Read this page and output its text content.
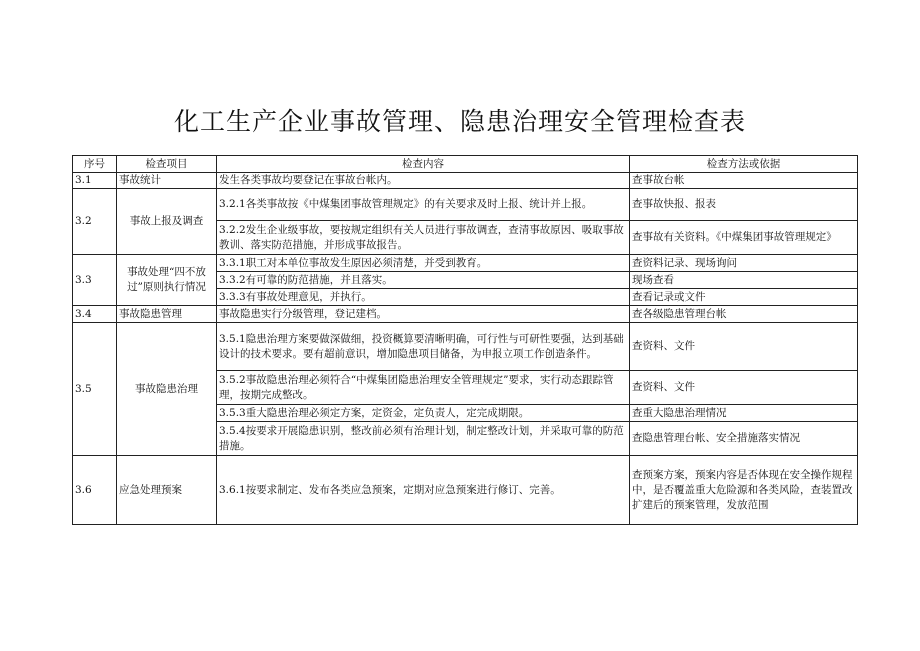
化工生产企业事故管理、隐患治理安全管理检查表
序号	检查项目	检查内容	检查方法或依据
3.1	事故统计	发生各类事故均要登记在事故台帐内。	查事故台帐
3.2	事故上报及调查	3.2.1各类事故按《中煤集团事故管理规定》的有关要求及时上报、统计并上报。	查事故快报、报表
		3.2.2发生企业级事故，要按规定组织有关人员进行事故调查，查清事故原因、吸取事故教训、落实防范措施，并形成事故报告。	查事故有关资料。《中煤集团事故管理规定》
3.3	事故处理“四不放过”原则执行情况	3.3.1职工对本单位事故发生原因必须清楚，并受到教育。	查资料记录、现场询问
		3.3.2有可靠的防范措施，并且落实。	现场查看
		3.3.3有事故处理意见，并执行。	查看记录或文件
3.4	事故隐患管理	事故隐患实行分级管理，登记建档。	查各级隐患管理台帐
3.5	事故隐患治理	3.5.1隐患治理方案要做深做细，投资概算要清晰明确，可行性与可研性要强，达到基础设计的技术要求。要有超前意识，增加隐患项目储备，为申报立项工作创造条件。	查资料、文件
		3.5.2事故隐患治理必须符合“中煤集团隐患治理安全管理规定”要求，实行动态跟踪管理，按期完成整改。	查资料、文件
		3.5.3重大隐患治理必须定方案，定资金，定负责人，定完成期限。	查重大隐患治理情况
		3.5.4按要求开展隐患识别，整改前必须有治理计划，制定整改计划，并采取可靠的防范措施。	查隐患管理台帐、安全措施落实情况
3.6	应急处理预案	3.6.1按要求制定、发布各类应急预案，定期对应急预案进行修订、完善。	查预案方案，预案内容是否体现在安全操作规程中，是否覆盖重大危险源和各类风险，查装置改扩建后的预案管理，发放范围
